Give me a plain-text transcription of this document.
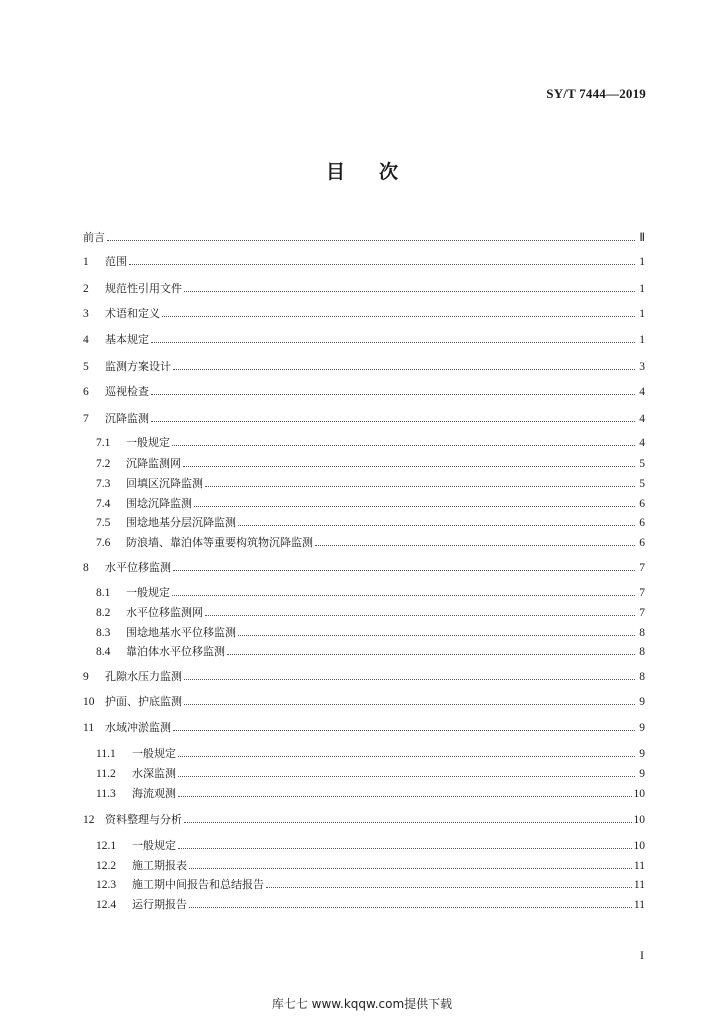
SY/T 7444—2019
目 次
前言	Ⅱ
1	范围	1
2	规范性引用文件	1
3	术语和定义	1
4	基本规定	1
5	监测方案设计	3
6	巡视检查	4
7	沉降监测	4
7.1	一般规定	4
7.2	沉降监测网	5
7.3	回填区沉降监测	5
7.4	围埝沉降监测	6
7.5	围埝地基分层沉降监测	6
7.6	防浪墙、靠泊体等重要构筑物沉降监测	6
8	水平位移监测	7
8.1	一般规定	7
8.2	水平位移监测网	7
8.3	围埝地基水平位移监测	8
8.4	靠泊体水平位移监测	8
9	孔隙水压力监测	8
10 护面、护底监测	9
11 水域冲淤监测	9
11.1	一般规定	9
11.2	水深监测	9
11.3	海流观测	10
12 资料整理与分析	10
12.1	一般规定	10
12.2	施工期报表	11
12.3	施工期中间报告和总结报告	11
12.4	运行期报告	11
I
库七七 www.kqqw.com提供下载
